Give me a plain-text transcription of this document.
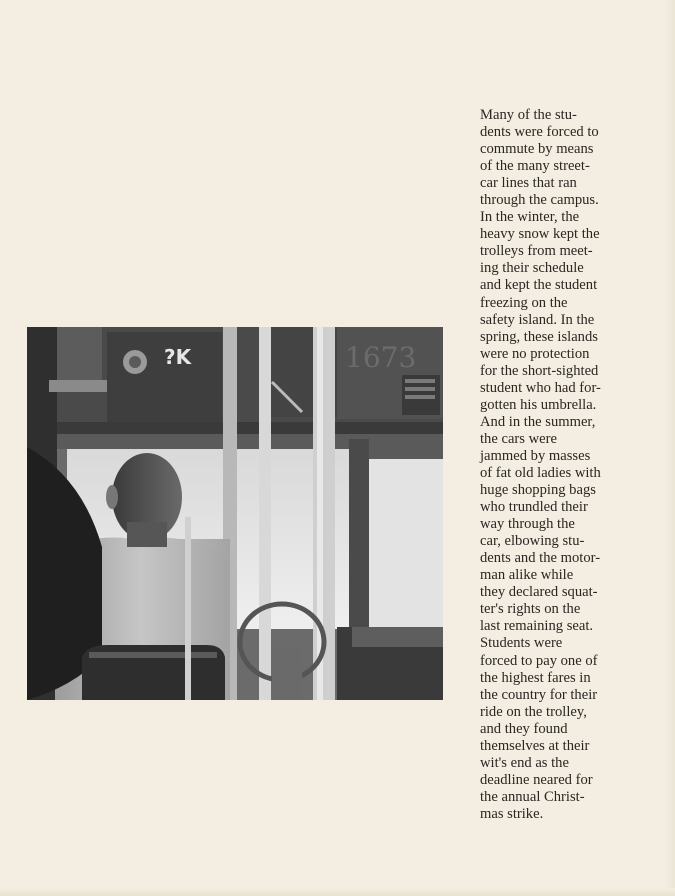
?K	1673
Many of the stu-
dents were forced to
commute by means
of the many street-
car lines that ran
through the campus.
In the winter, the
heavy snow kept the
trolleys from meet-
ing their schedule
and kept the student
freezing on the
safety island. In the
spring, these islands
were no protection
for the short-sighted
student who had for-
gotten his umbrella.
And in the summer,
the cars were
jammed by masses
of fat old ladies with
huge shopping bags
who trundled their
way through the
car, elbowing stu-
dents and the motor-
man alike while
they declared squat-
ter's rights on the
last remaining seat.
Students were
forced to pay one of
the highest fares in
the country for their
ride on the trolley,
and they found
themselves at their
wit's end as the
deadline neared for
the annual Christ-
mas strike.
